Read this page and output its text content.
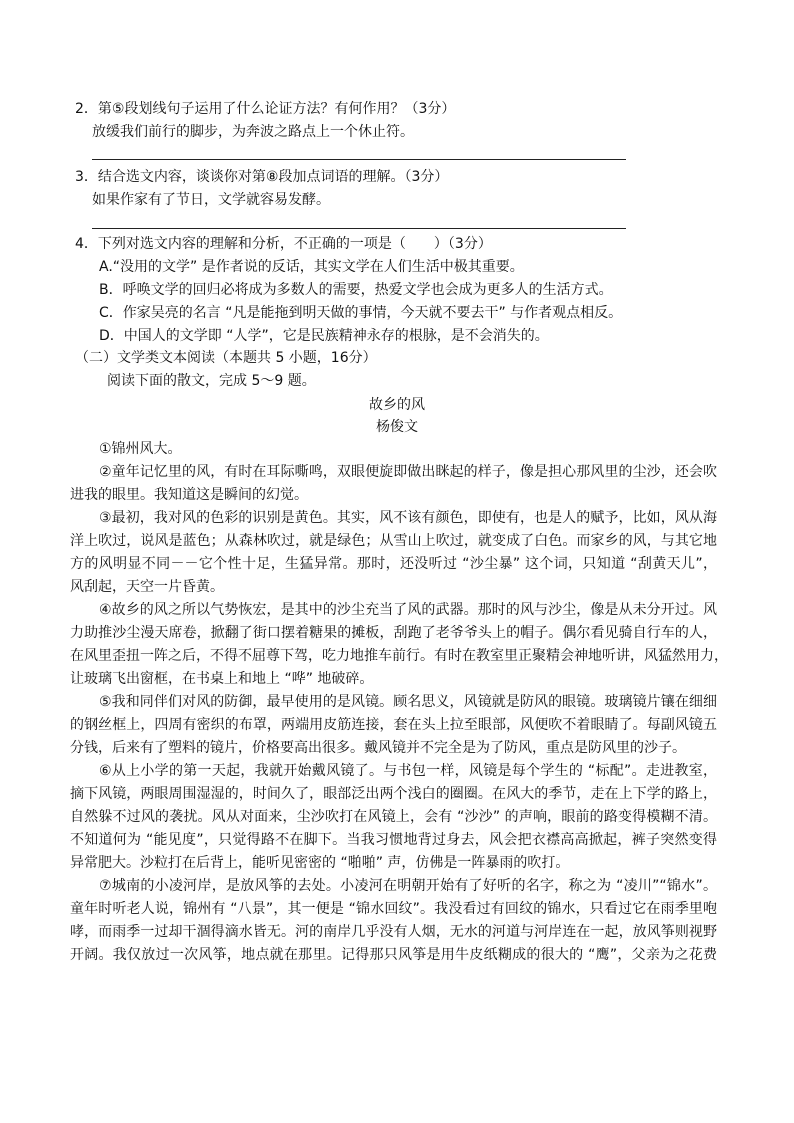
2．第⑤段划线句子运用了什么论证方法？有何作用？（3分）
放缓我们前行的脚步，为奔波之路点上一个休止符。
3．结合选文内容，谈谈你对第⑧段加点词语的理解。（3分）
如果作家有了节日，文学就容易发酵。
4．下列对选文内容的理解和分析，不正确的一项是（　　）（3分）
A.“没用的文学” 是作者说的反话，其实文学在人们生活中极其重要。
B．呼唤文学的回归必将成为多数人的需要，热爱文学也会成为更多人的生活方式。
C．作家吴亮的名言 “凡是能拖到明天做的事情，今天就不要去干” 与作者观点相反。
D．中国人的文学即 “人学”，它是民族精神永存的根脉，是不会消失的。
（二）文学类文本阅读（本题共 5 小题，16分）
阅读下面的散文，完成 5～9 题。
故乡的风
杨俊文
①锦州风大。
②童年记忆里的风，有时在耳际嘶鸣，双眼便旋即做出眯起的样子，像是担心那风里的尘沙，还会吹
进我的眼里。我知道这是瞬间的幻觉。
③最初，我对风的色彩的识别是黄色。其实，风不该有颜色，即使有，也是人的赋予，比如，风从海
洋上吹过，说风是蓝色；从森林吹过，就是绿色；从雪山上吹过，就变成了白色。而家乡的风，与其它地
方的风明显不同－－它个性十足，生猛异常。那时，还没听过 “沙尘暴” 这个词，只知道 “刮黄天儿”，
风刮起，天空一片昏黄。
④故乡的风之所以气势恢宏，是其中的沙尘充当了风的武器。那时的风与沙尘，像是从未分开过。风
力助推沙尘漫天席卷，掀翻了街口摆着糖果的摊板，刮跑了老爷爷头上的帽子。偶尔看见骑自行车的人，
在风里歪扭一阵之后，不得不屈尊下驾，吃力地推车前行。有时在教室里正聚精会神地听讲，风猛然用力，
让玻璃飞出窗框，在书桌上和地上 “哗” 地破碎。
⑤我和同伴们对风的防御，最早使用的是风镜。顾名思义，风镜就是防风的眼镜。玻璃镜片镶在细细
的钢丝框上，四周有密织的布罩，两端用皮筋连接，套在头上拉至眼部，风便吹不着眼睛了。每副风镜五
分钱，后来有了塑料的镜片，价格要高出很多。戴风镜并不完全是为了防风，重点是防风里的沙子。
⑥从上小学的第一天起，我就开始戴风镜了。与书包一样，风镜是每个学生的 “标配”。走进教室，
摘下风镜，两眼周围湿湿的，时间久了，眼部泛出两个浅白的圈圈。在风大的季节，走在上下学的路上，
自然躲不过风的袭扰。风从对面来，尘沙吹打在风镜上，会有 “沙沙” 的声响，眼前的路变得模糊不清。
不知道何为 “能见度”，只觉得路不在脚下。当我习惯地背过身去，风会把衣襟高高掀起，裤子突然变得
异常肥大。沙粒打在后背上，能听见密密的 “啪啪” 声，仿佛是一阵暴雨的吹打。
⑦城南的小凌河岸，是放风筝的去处。小凌河在明朝开始有了好听的名字，称之为 “凌川”“锦水”。
童年时听老人说，锦州有 “八景”，其一便是 “锦水回纹”。我没看过有回纹的锦水，只看过它在雨季里咆
哮，而雨季一过却干涸得滴水皆无。河的南岸几乎没有人烟，无水的河道与河岸连在一起，放风筝则视野
开阔。我仅放过一次风筝，地点就在那里。记得那只风筝是用牛皮纸糊成的很大的 “鹰”，父亲为之花费
